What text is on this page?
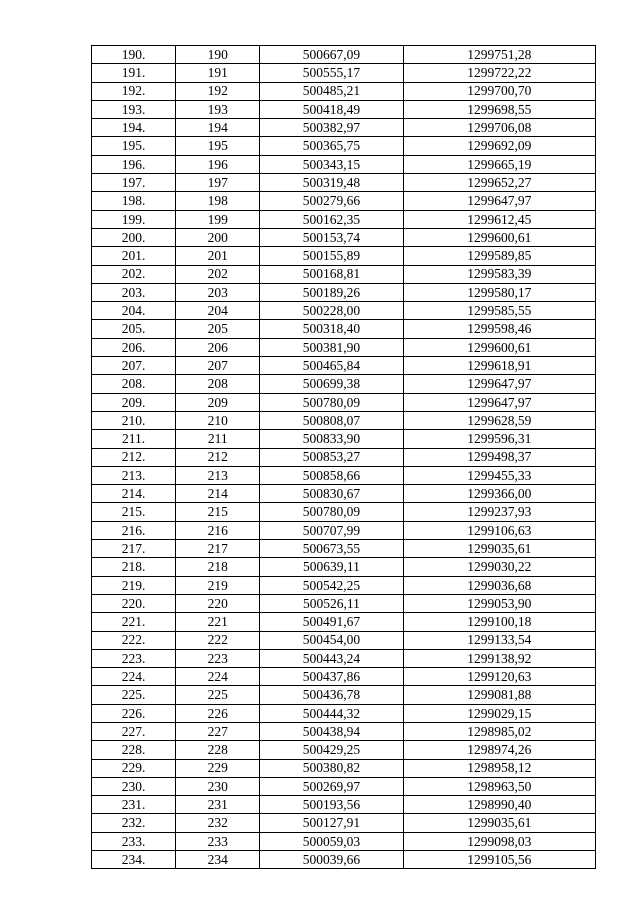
190.	190	500667,09	1299751,28
191.	191	500555,17	1299722,22
192.	192	500485,21	1299700,70
193.	193	500418,49	1299698,55
194.	194	500382,97	1299706,08
195.	195	500365,75	1299692,09
196.	196	500343,15	1299665,19
197.	197	500319,48	1299652,27
198.	198	500279,66	1299647,97
199.	199	500162,35	1299612,45
200.	200	500153,74	1299600,61
201.	201	500155,89	1299589,85
202.	202	500168,81	1299583,39
203.	203	500189,26	1299580,17
204.	204	500228,00	1299585,55
205.	205	500318,40	1299598,46
206.	206	500381,90	1299600,61
207.	207	500465,84	1299618,91
208.	208	500699,38	1299647,97
209.	209	500780,09	1299647,97
210.	210	500808,07	1299628,59
211.	211	500833,90	1299596,31
212.	212	500853,27	1299498,37
213.	213	500858,66	1299455,33
214.	214	500830,67	1299366,00
215.	215	500780,09	1299237,93
216.	216	500707,99	1299106,63
217.	217	500673,55	1299035,61
218.	218	500639,11	1299030,22
219.	219	500542,25	1299036,68
220.	220	500526,11	1299053,90
221.	221	500491,67	1299100,18
222.	222	500454,00	1299133,54
223.	223	500443,24	1299138,92
224.	224	500437,86	1299120,63
225.	225	500436,78	1299081,88
226.	226	500444,32	1299029,15
227.	227	500438,94	1298985,02
228.	228	500429,25	1298974,26
229.	229	500380,82	1298958,12
230.	230	500269,97	1298963,50
231.	231	500193,56	1298990,40
232.	232	500127,91	1299035,61
233.	233	500059,03	1299098,03
234.	234	500039,66	1299105,56
